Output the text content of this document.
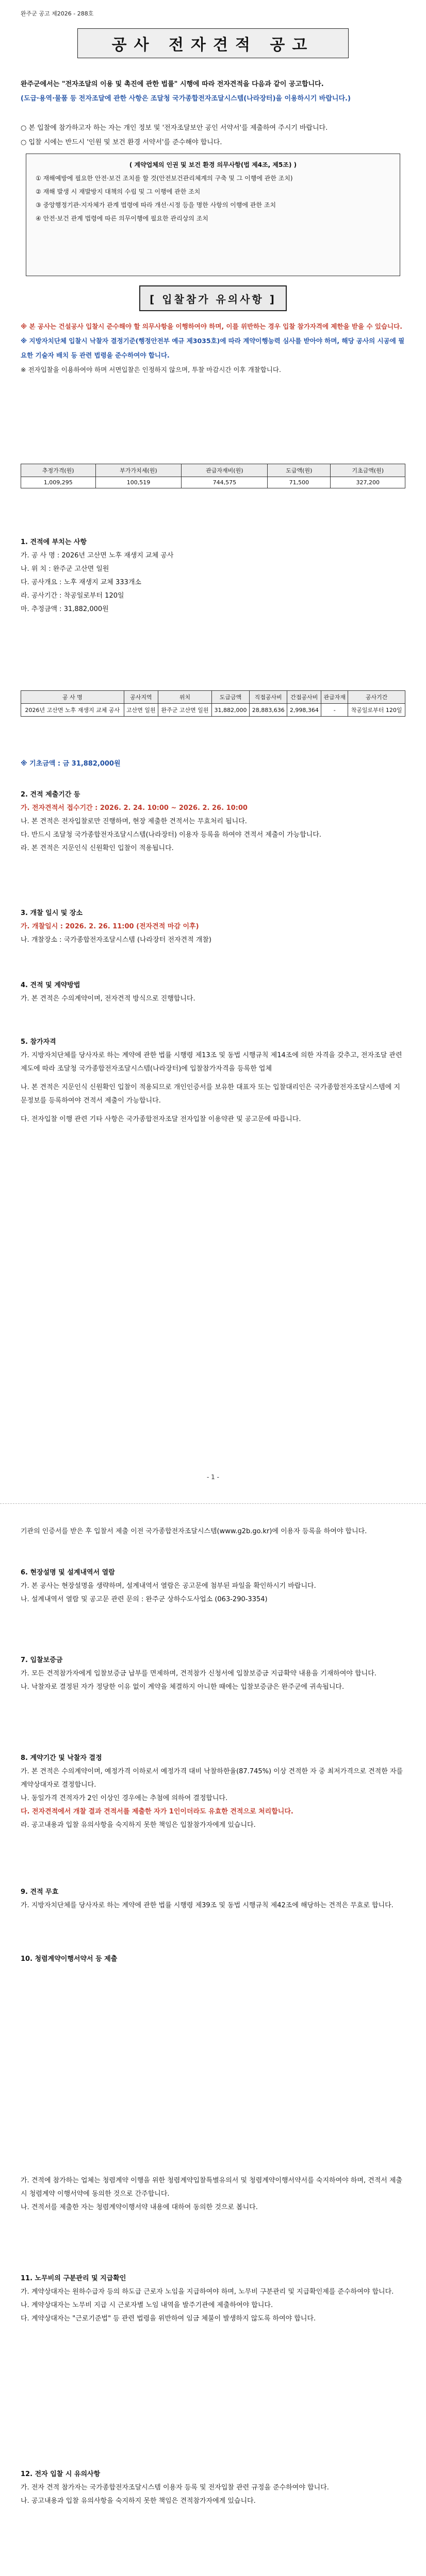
완주군 공고 제2026 - 288호
공사 전자견적 공고
완주군에서는 "전자조달의 이용 및 촉진에 관한 법률" 시행에 따라 전자견적을 다음과 같이 공고합니다.
(도급·용역·물품 등 전자조달에 관한 사항은 조달청 국가종합전자조달시스템(나라장터)을 이용하시기 바랍니다.)
○ 본 입찰에 참가하고자 하는 자는 개인 정보 및 '전자조달보안 공인 서약서'를 제출하여 주시기 바랍니다.
○ 입찰 시에는 반드시 '인원 및 보건 환경 서약서'를 준수해야 합니다.
( 계약업체의 인권 및 보건 환경 의무사항(법 제4조, 제5조) )
① 재해예방에 필요한 안전·보건 조치를 할 것(안전보건관리체계의 구축 및 그 이행에 관한 조치)
② 재해 발생 시 재발방지 대책의 수립 및 그 이행에 관한 조치
③ 중앙행정기관·지자체가 관계 법령에 따라 개선·시정 등을 명한 사항의 이행에 관한 조치
④ 안전·보건 관계 법령에 따른 의무이행에 필요한 관리상의 조치
[ 입찰참가 유의사항 ]
※ 본 공사는 건설공사 입찰시 준수해야 할 의무사항을 이행하여야 하며, 이를 위반하는 경우 입찰 참가자격에 제한을 받을 수 있습니다.
※ 지방자치단체 입찰시 낙찰자 결정기준(행정안전부 예규 제3035호)에 따라 계약이행능력 심사를 받아야 하며, 해당 공사의 시공에 필요한 기술자 배치 등 관련 법령을 준수하여야 합니다.
※ 전자입찰을 이용하여야 하며 서면입찰은 인정하지 않으며, 투찰 마감시간 이후 개찰합니다.
추정가격(원)	부가가치세(원)	관급자재비(원)	도급액(원)	기초금액(원)
1,009,295	100,519	744,575	71,500	327,200
1. 견적에 부치는 사항
가. 공 사 명 : 2026년 고산면 노후 재생지 교체 공사
나. 위 치 : 완주군 고산면 일원
다. 공사개요 : 노후 재생지 교체 333개소
라. 공사기간 : 착공일로부터 120일
마. 추정금액 : 31,882,000원
공 사 명	공사지역	위치	도급금액	직접공사비	간접공사비	관급자재	공사기간
2026년 고산면 노후 재생지 교체 공사	고산면 일원	완주군 고산면 일원	31,882,000	28,883,636	2,998,364	-	착공일로부터 120일
※ 기초금액 : 금 31,882,000원
2. 견적 제출기간 등
가. 전자견적서 접수기간 : 2026. 2. 24. 10:00 ~ 2026. 2. 26. 10:00
나. 본 견적은 전자입찰로만 진행하며, 현장 제출한 견적서는 무효처리 됩니다.
다. 반드시 조달청 국가종합전자조달시스템(나라장터) 이용자 등록을 하여야 견적서 제출이 가능합니다.
라. 본 견적은 지문인식 신원확인 입찰이 적용됩니다.
3. 개찰 일시 및 장소
가. 개찰일시 : 2026. 2. 26. 11:00 (전자견적 마감 이후)
나. 개찰장소 : 국가종합전자조달시스템 (나라장터 전자견적 개찰)
4. 견적 및 계약방법
가. 본 견적은 수의계약이며, 전자견적 방식으로 진행합니다.
5. 참가자격
가. 지방자치단체를 당사자로 하는 계약에 관한 법률 시행령 제13조 및 동법 시행규칙 제14조에 의한 자격을 갖추고, 전자조달 관련 제도에 따라 조달청 국가종합전자조달시스템(나라장터)에 입찰참가자격을 등록한 업체
나. 본 견적은 지문인식 신원확인 입찰이 적용되므로 개인인증서를 보유한 대표자 또는 입찰대리인은 국가종합전자조달시스템에 지문정보를 등록하여야 견적서 제출이 가능합니다.
다. 전자입찰 이행 관련 기타 사항은 국가종합전자조달 전자입찰 이용약관 및 공고문에 따릅니다.
- 1 -
기관의 인증서를 받은 후 입찰서 제출 이전 국가종합전자조달시스템(www.g2b.go.kr)에 이용자 등록을 하여야 합니다.
6. 현장설명 및 설계내역서 열람
가. 본 공사는 현장설명을 생략하며, 설계내역서 열람은 공고문에 첨부된 파일을 확인하시기 바랍니다.
나. 설계내역서 열람 및 공고문 관련 문의 : 완주군 상하수도사업소 (063-290-3354)
7. 입찰보증금
가. 모든 견적참가자에게 입찰보증금 납부를 면제하며, 견적참가 신청서에 입찰보증금 지급확약 내용을 기재하여야 합니다.
나. 낙찰자로 결정된 자가 정당한 이유 없이 계약을 체결하지 아니한 때에는 입찰보증금은 완주군에 귀속됩니다.
8. 계약기간 및 낙찰자 결정
가. 본 견적은 수의계약이며, 예정가격 이하로서 예정가격 대비 낙찰하한율(87.745%) 이상 견적한 자 중 최저가격으로 견적한 자를 계약상대자로 결정합니다.
나. 동일가격 견적자가 2인 이상인 경우에는 추첨에 의하여 결정합니다.
다. 전자견적에서 개찰 결과 견적서를 제출한 자가 1인이더라도 유효한 견적으로 처리합니다.
라. 공고내용과 입찰 유의사항을 숙지하지 못한 책임은 입찰참가자에게 있습니다.
9. 견적 무효
가. 지방자치단체를 당사자로 하는 계약에 관한 법률 시행령 제39조 및 동법 시행규칙 제42조에 해당하는 견적은 무효로 합니다.
10. 청렴계약이행서약서 등 제출
가. 견적에 참가하는 업체는 청렴계약 이행을 위한 청렴계약입찰특별유의서 및 청렴계약이행서약서를 숙지하여야 하며, 견적서 제출 시 청렴계약 이행서약에 동의한 것으로 간주합니다.
나. 견적서를 제출한 자는 청렴계약이행서약 내용에 대하여 동의한 것으로 봅니다.
11. 노무비의 구분관리 및 지급확인
가. 계약상대자는 원하수급자 등의 하도급 근로자 노임을 지급하여야 하며, 노무비 구분관리 및 지급확인제를 준수하여야 합니다.
나. 계약상대자는 노무비 지급 시 근로자별 노임 내역을 발주기관에 제출하여야 합니다.
다. 계약상대자는 "근로기준법" 등 관련 법령을 위반하여 임금 체불이 발생하지 않도록 하여야 합니다.
12. 전자 입찰 시 유의사항
가. 전자 견적 참가자는 국가종합전자조달시스템 이용자 등록 및 전자입찰 관련 규정을 준수하여야 합니다.
나. 공고내용과 입찰 유의사항을 숙지하지 못한 책임은 견적참가자에게 있습니다.
